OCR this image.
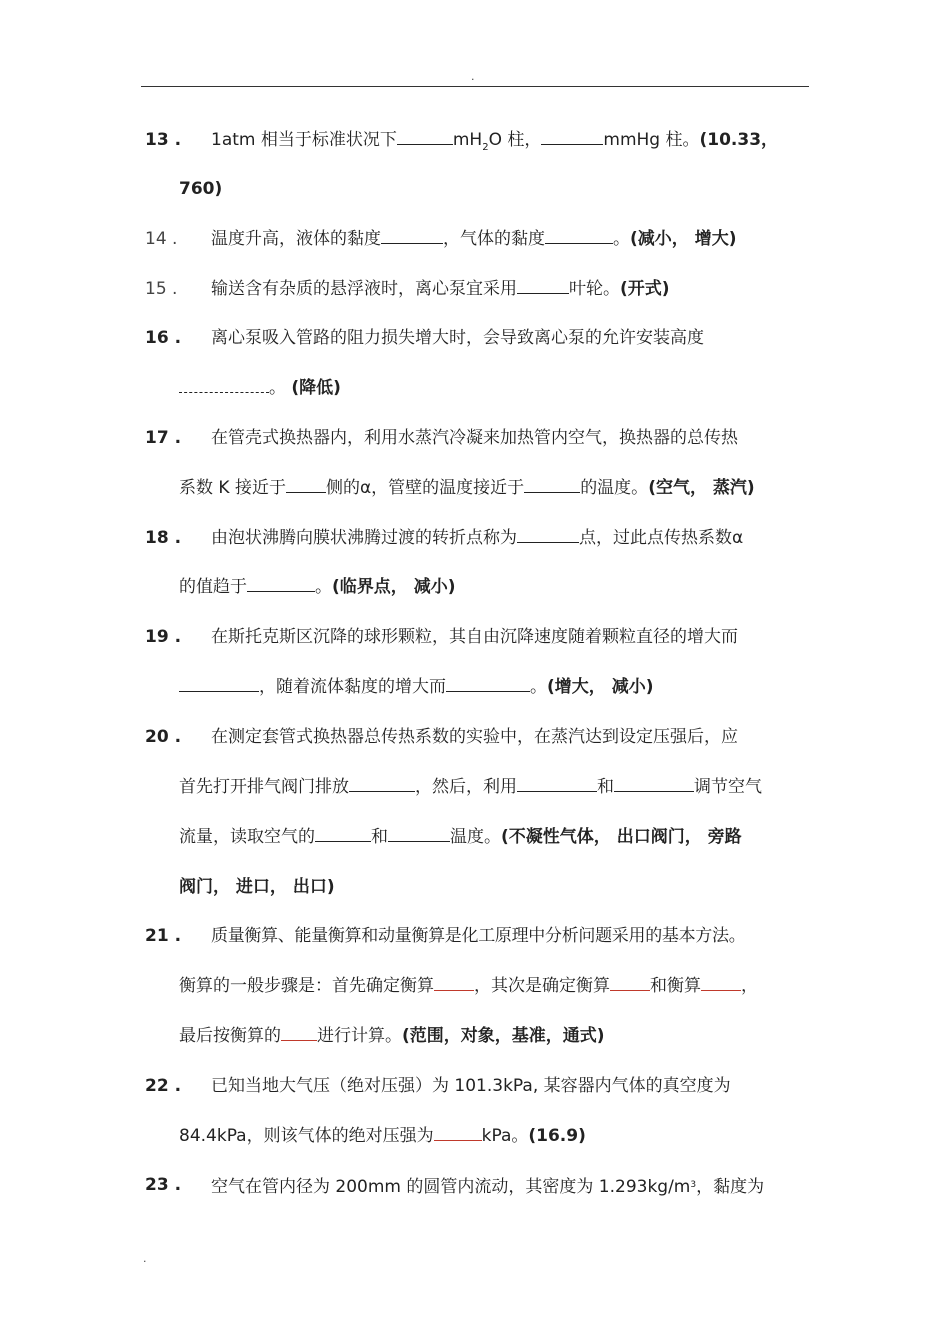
.
13 . 1atm 相当于标准状况下	$mH_2O$ 柱，	mmHg 柱。(10.33，
760)
14 . 温度升高，液体的黏度	，气体的黏度	。(减小， 增大)
15 . 输送含有杂质的悬浮液时，离心泵宜采用	叶轮。(开式)
16 . 离心泵吸入管路的阻力损失增大时，会导致离心泵的允许安装高度
。 (降低)
17 . 在管壳式换热器内，利用水蒸汽冷凝来加热管内空气，换热器的总传热
系数 K 接近于 侧的α，管壁的温度接近于	的温度。(空气， 蒸汽)
18 . 由泡状沸腾向膜状沸腾过渡的转折点称为	点，过此点传热系数α
的值趋于	。(临界点， 减小)
19 . 在斯托克斯区沉降的球形颗粒，其自由沉降速度随着颗粒直径的增大而
，随着流体黏度的增大而	。(增大， 减小)
20 . 在测定套管式换热器总传热系数的实验中，在蒸汽达到设定压强后，应
首先打开排气阀门排放	，然后，利用	和	调节空气
流量，读取空气的	和	温度。(不凝性气体， 出口阀门， 旁路
阀门， 进口， 出口)
21 . 质量衡算、能量衡算和动量衡算是化工原理中分析问题采用的基本方法。
衡算的一般步骤是：首先确定衡算 ，其次是确定衡算 和衡算 ，
最后按衡算的 进行计算。(范围，对象，基准，通式)
22 . 已知当地大气压（绝对压强）为 101.3kPa, 某容器内气体的真空度为
84.4kPa，则该气体的绝对压强为	kPa。(16.9)
23 . 空气在管内径为 200mm 的圆管内流动，其密度为 $1.293kg/m^3$，黏度为
.
